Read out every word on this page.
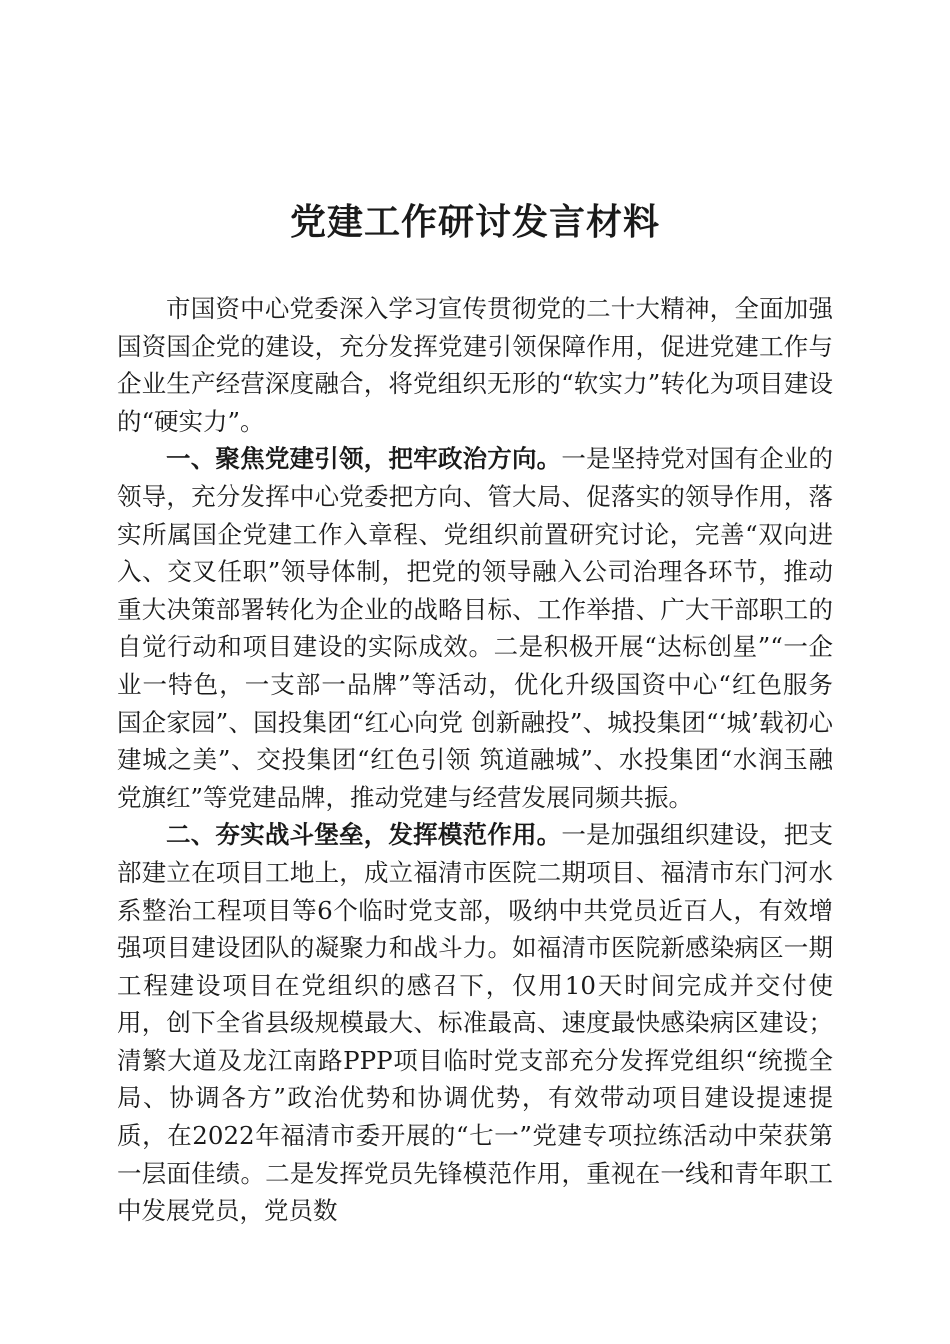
党建工作研讨发言材料

市国资中心党委深入学习宣传贯彻党的二十大精神，全面加强国资国企党的建设，充分发挥党建引领保障作用，促进党建工作与企业生产经营深度融合，将党组织无形的“软实力”转化为项目建设的“硬实力”。

一、聚焦党建引领，把牢政治方向。一是坚持党对国有企业的领导，充分发挥中心党委把方向、管大局、促落实的领导作用，落实所属国企党建工作入章程、党组织前置研究讨论，完善“双向进入、交叉任职”领导体制，把党的领导融入公司治理各环节，推动重大决策部署转化为企业的战略目标、工作举措、广大干部职工的自觉行动和项目建设的实际成效。二是积极开展“达标创星”“一企业一特色，一支部一品牌”等活动，优化升级国资中心“红色服务 国企家园”、国投集团“红心向党 创新融投”、城投集团“‘城’载初心 建城之美”、交投集团“红色引领 筑道融城”、水投集团“水润玉融党旗红”等党建品牌，推动党建与经营发展同频共振。

二、夯实战斗堡垒，发挥模范作用。一是加强组织建设，把支部建立在项目工地上，成立福清市医院二期项目、福清市东门河水系整治工程项目等6个临时党支部，吸纳中共党员近百人，有效增强项目建设团队的凝聚力和战斗力。如福清市医院新感染病区一期工程建设项目在党组织的感召下，仅用10天时间完成并交付使用，创下全省县级规模最大、标准最高、速度最快感染病区建设；清繁大道及龙江南路PPP项目临时党支部充分发挥党组织“统揽全局、协调各方”政治优势和协调优势，有效带动项目建设提速提质，在2022年福清市委开展的“七一”党建专项拉练活动中荣获第一层面佳绩。二是发挥党员先锋模范作用，重视在一线和青年职工中发展党员，党员数
